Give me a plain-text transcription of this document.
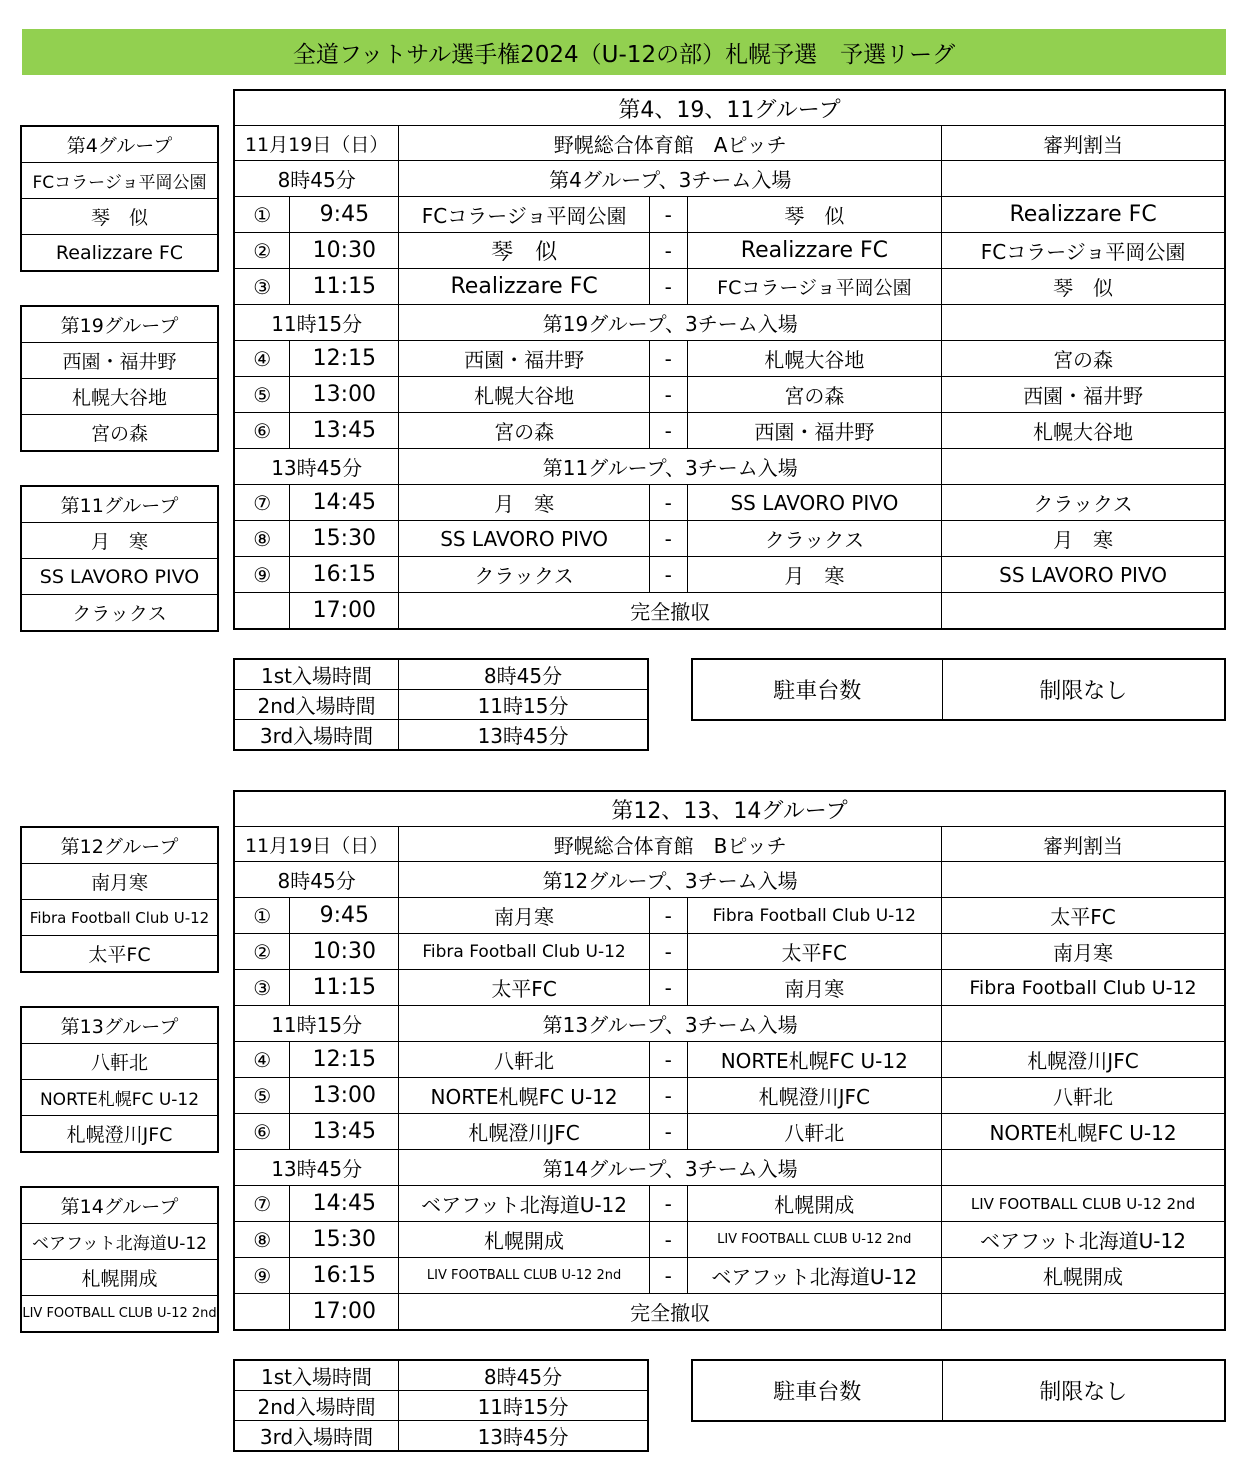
全道フットサル選手権2024（U-12の部）札幌予選　予選リーグ
第4、19、11グループ					
11月19日（日）		野幌総合体育館　Aピッチ			審判割当
8時45分		第4グループ、3チーム入場			
①	9:45	FCコラージョ平岡公園	-	琴　似	Realizzare FC
②	10:30	琴　似	-	Realizzare FC	FCコラージョ平岡公園
③	11:15	Realizzare FC	-	FCコラージョ平岡公園	琴　似
11時15分		第19グループ、3チーム入場			
④	12:15	西園・福井野	-	札幌大谷地	宮の森
⑤	13:00	札幌大谷地	-	宮の森	西園・福井野
⑥	13:45	宮の森	-	西園・福井野	札幌大谷地
13時45分		第11グループ、3チーム入場			
⑦	14:45	月　寒	-	SS LAVORO PIVO	クラックス
⑧	15:30	SS LAVORO PIVO	-	クラックス	月　寒
⑨	16:15	クラックス	-	月　寒	SS LAVORO PIVO
	17:00	完全撤収			
第4グループ
FCコラージョ平岡公園
琴　似
Realizzare FC
第19グループ
西園・福井野
札幌大谷地
宮の森
第11グループ
月　寒
SS LAVORO PIVO
クラックス
1st入場時間	8時45分
2nd入場時間	11時15分
3rd入場時間	13時45分
駐車台数	制限なし
第12、13、14グループ					
11月19日（日）		野幌総合体育館　Bピッチ			審判割当
8時45分		第12グループ、3チーム入場			
①	9:45	南月寒	-	Fibra Football Club U-12	太平FC
②	10:30	Fibra Football Club U-12	-	太平FC	南月寒
③	11:15	太平FC	-	南月寒	Fibra Football Club U-12
11時15分		第13グループ、3チーム入場			
④	12:15	八軒北	-	NORTE札幌FC U-12	札幌澄川JFC
⑤	13:00	NORTE札幌FC U-12	-	札幌澄川JFC	八軒北
⑥	13:45	札幌澄川JFC	-	八軒北	NORTE札幌FC U-12
13時45分		第14グループ、3チーム入場			
⑦	14:45	ベアフット北海道U-12	-	札幌開成	LIV FOOTBALL CLUB U-12 2nd
⑧	15:30	札幌開成	-	LIV FOOTBALL CLUB U-12 2nd	ベアフット北海道U-12
⑨	16:15	LIV FOOTBALL CLUB U-12 2nd	-	ベアフット北海道U-12	札幌開成
	17:00	完全撤収			
第12グループ
南月寒
Fibra Football Club U-12
太平FC
第13グループ
八軒北
NORTE札幌FC U-12
札幌澄川JFC
第14グループ
ベアフット北海道U-12
札幌開成
LIV FOOTBALL CLUB U-12 2nd
1st入場時間	8時45分
2nd入場時間	11時15分
3rd入場時間	13時45分
駐車台数	制限なし
